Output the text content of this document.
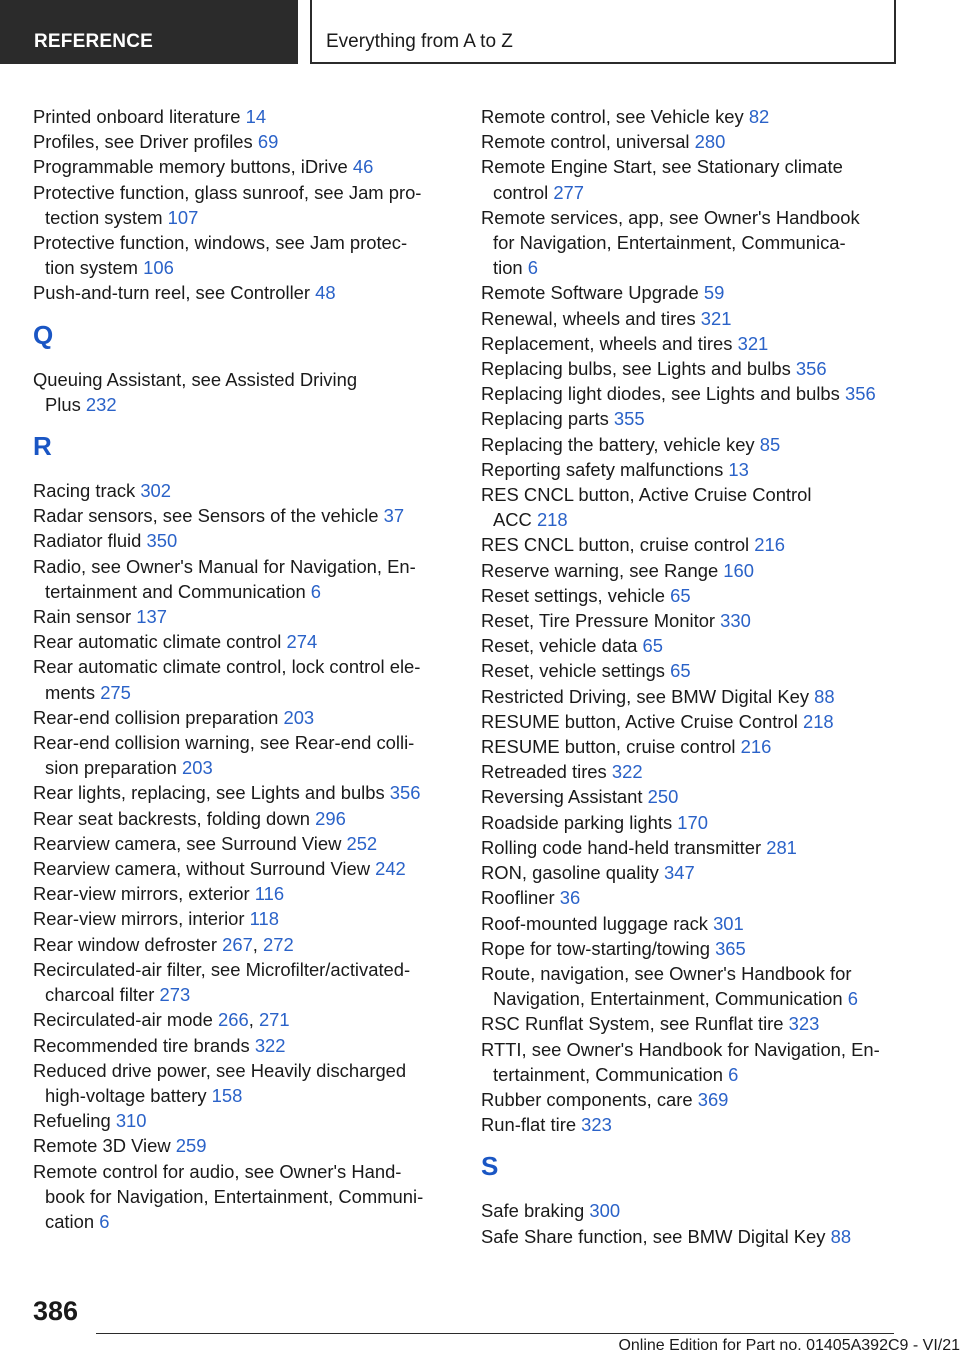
REFERENCE	Everything from A to Z
Printed onboard literature 14
Profiles, see Driver profiles 69
Programmable memory buttons, iDrive 46
Protective function, glass sunroof, see Jam pro-
tection system 107
Protective function, windows, see Jam protec-
tion system 106
Push-and-turn reel, see Controller 48
Q
Queuing Assistant, see Assisted Driving
Plus 232
R
Racing track 302
Radar sensors, see Sensors of the vehicle 37
Radiator fluid 350
Radio, see Owner's Manual for Navigation, En-
tertainment and Communication 6
Rain sensor 137
Rear automatic climate control 274
Rear automatic climate control, lock control ele-
ments 275
Rear‐end collision preparation 203
Rear‐end collision warning, see Rear‐end colli-
sion preparation 203
Rear lights, replacing, see Lights and bulbs 356
Rear seat backrests, folding down 296
Rearview camera, see Surround View 252
Rearview camera, without Surround View 242
Rear‐view mirrors, exterior 116
Rear‐view mirrors, interior 118
Rear window defroster 267, 272
Recirculated-air filter, see Microfilter/activated-
charcoal filter 273
Recirculated-air mode 266, 271
Recommended tire brands 322
Reduced drive power, see Heavily discharged
high-voltage battery 158
Refueling 310
Remote 3D View 259
Remote control for audio, see Owner's Hand-
book for Navigation, Entertainment, Communi-
cation 6
Remote control, see Vehicle key 82
Remote control, universal 280
Remote Engine Start, see Stationary climate
control 277
Remote services, app, see Owner's Handbook
for Navigation, Entertainment, Communica-
tion 6
Remote Software Upgrade 59
Renewal, wheels and tires 321
Replacement, wheels and tires 321
Replacing bulbs, see Lights and bulbs 356
Replacing light diodes, see Lights and bulbs 356
Replacing parts 355
Replacing the battery, vehicle key 85
Reporting safety malfunctions 13
RES CNCL button, Active Cruise Control
ACC 218
RES CNCL button, cruise control 216
Reserve warning, see Range 160
Reset settings, vehicle 65
Reset, Tire Pressure Monitor 330
Reset, vehicle data 65
Reset, vehicle settings 65
Restricted Driving, see BMW Digital Key 88
RESUME button, Active Cruise Control 218
RESUME button, cruise control 216
Retreaded tires 322
Reversing Assistant 250
Roadside parking lights 170
Rolling code hand-held transmitter 281
RON, gasoline quality 347
Roofliner 36
Roof-mounted luggage rack 301
Rope for tow-starting/towing 365
Route, navigation, see Owner's Handbook for
Navigation, Entertainment, Communication 6
RSC Runflat System, see Runflat tire 323
RTTI, see Owner's Handbook for Navigation, En-
tertainment, Communication 6
Rubber components, care 369
Run-flat tire 323
S
Safe braking 300
Safe Share function, see BMW Digital Key 88
386
Online Edition for Part no. 01405A392C9 - VI/21
